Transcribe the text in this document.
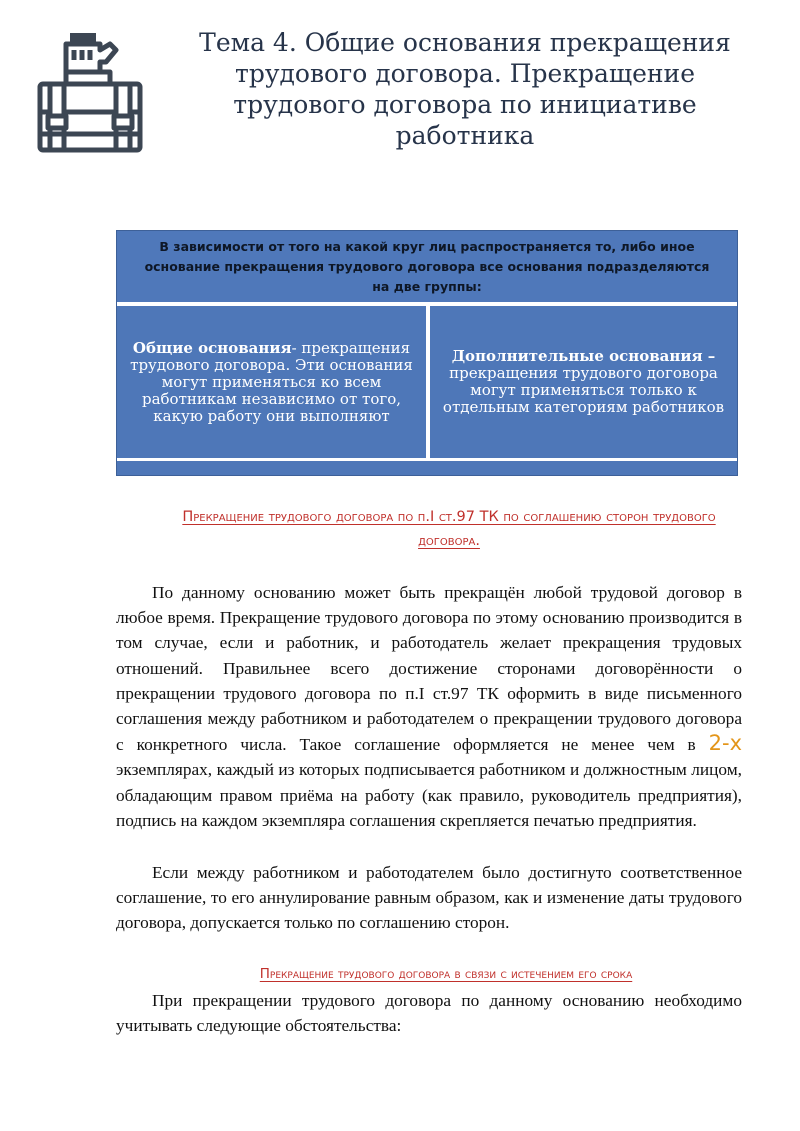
Тема 4. Общие основания прекращения трудового договора. Прекращение трудового договора по инициативе работника
В зависимости от того на какой круг лиц распространяется то, либо иное основание прекращения трудового договора все основания подразделяются на две группы:
Общие основания- прекращения трудового договора. Эти основания могут применяться ко всем работникам независимо от того, какую работу они выполняют
Дополнительные основания – прекращения трудового договора могут применяться только к отдельным категориям работников
Прекращение трудового договора по п.I ст.97 ТК по соглашению сторон трудового договора.

По данному основанию может быть прекращён любой трудовой договор в любое время. Прекращение трудового договора по этому основанию производится в том случае, если и работник, и работодатель желает прекращения трудовых отношений. Правильнее всего достижение сторонами договорённости о прекращении трудового договора по п.I ст.97 ТК оформить в виде письменного соглашения между работником и работодателем о прекращении трудового договора с конкретного числа. Такое соглашение оформляется не менее чем в 2-х экземплярах, каждый из которых подписывается работником и должностным лицом, обладающим правом приёма на работу (как правило, руководитель предприятия), подпись на каждом экземпляра соглашения скрепляется печатью предприятия.

Если между работником и работодателем было достигнуто соответственное соглашение, то его аннулирование равным образом, как и изменение даты трудового договора, допускается только по соглашению сторон.

Прекращение трудового договора в связи с истечением его срока

При прекращении трудового договора по данному основанию необходимо учитывать следующие обстоятельства:
